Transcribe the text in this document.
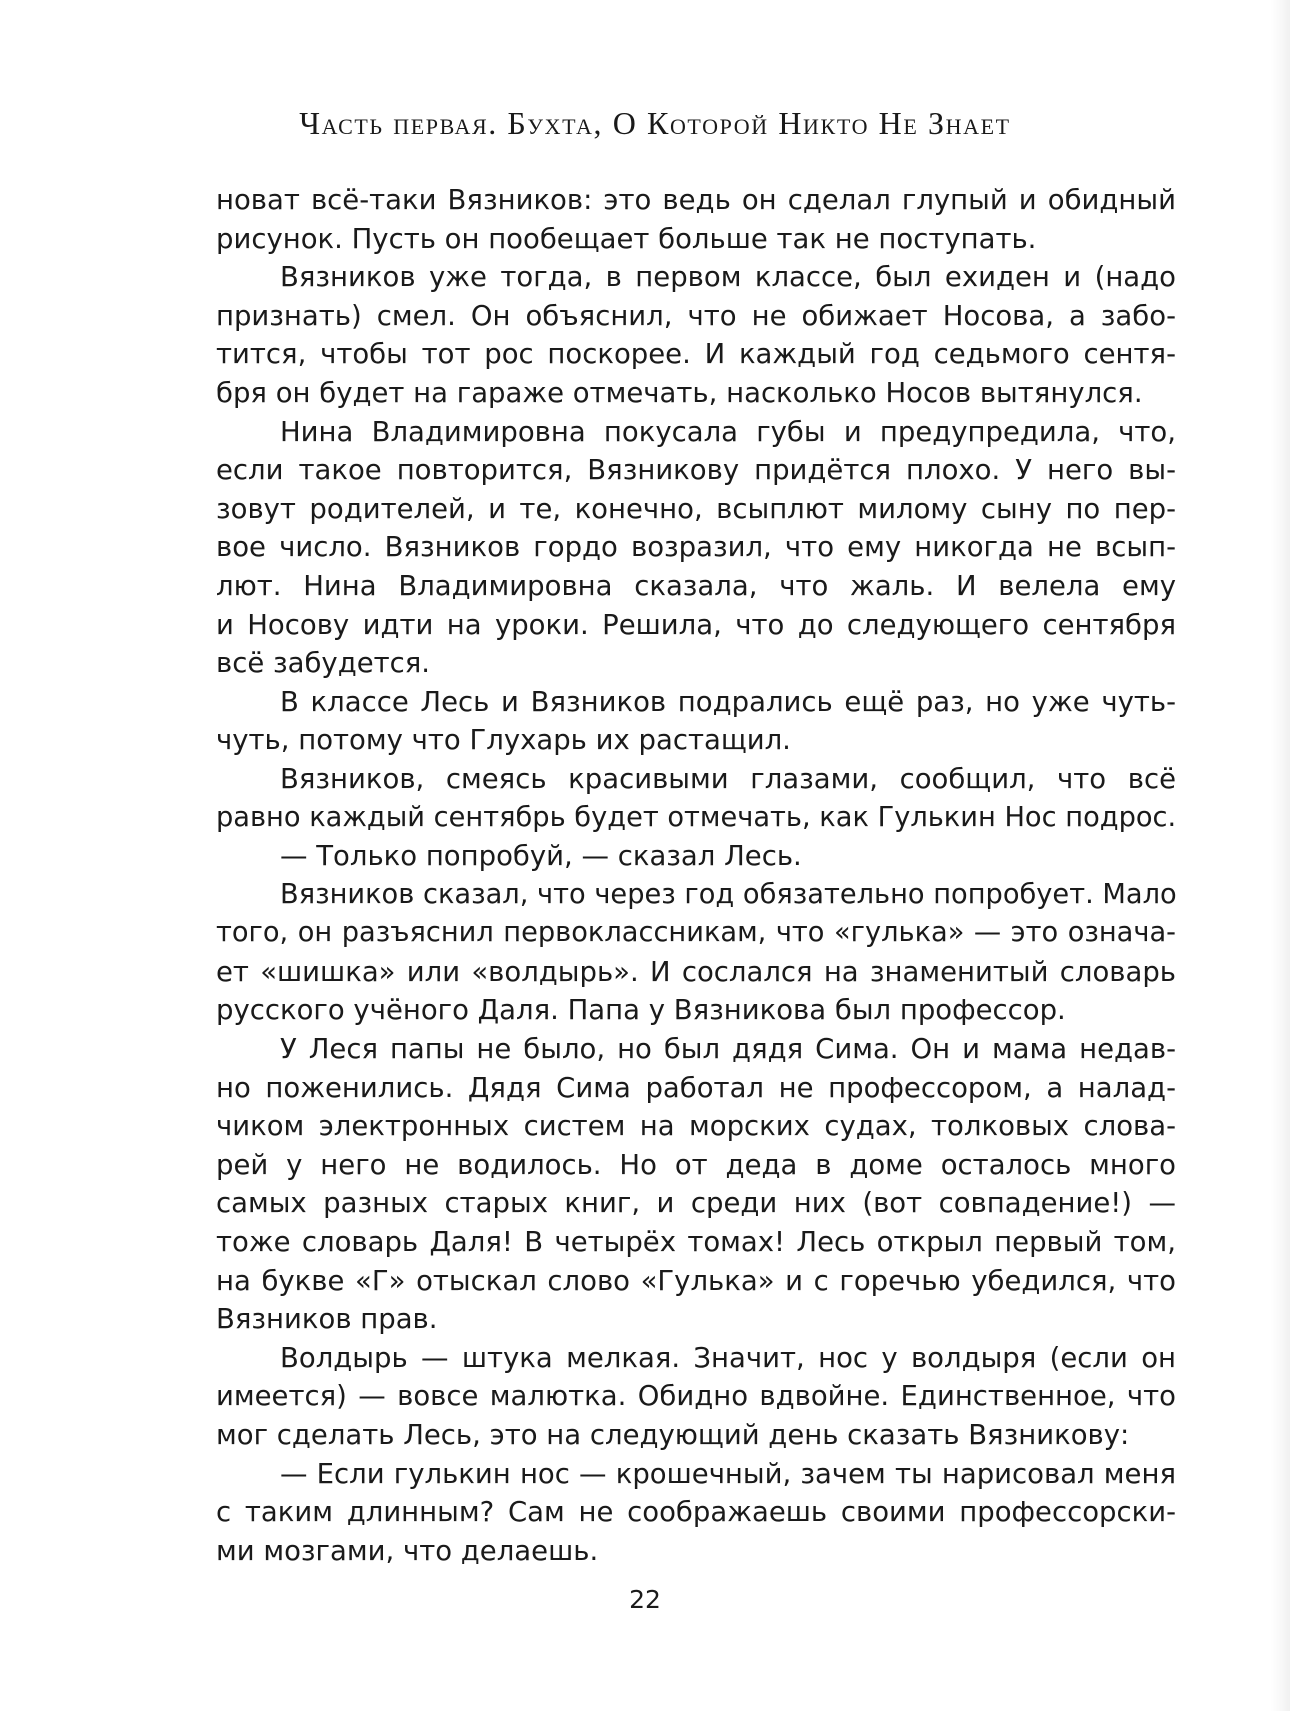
Часть первая. Бухта, О Которой Никто Не Знает
новат всё-таки Вязников: это ведь он сделал глупый и обидный
рисунок. Пусть он пообещает больше так не поступать.
Вязников уже тогда, в первом классе, был ехиден и (надо
признать) смел. Он объяснил, что не обижает Носова, а забо-
тится, чтобы тот рос поскорее. И каждый год седьмого сентя-
бря он будет на гараже отмечать, насколько Носов вытянулся.
Нина Владимировна покусала губы и предупредила, что,
если такое повторится, Вязникову придётся плохо. У него вы-
зовут родителей, и те, конечно, всыплют милому сыну по пер-
вое число. Вязников гордо возразил, что ему никогда не всып-
лют. Нина Владимировна сказала, что жаль. И велела ему
и Носову идти на уроки. Решила, что до следующего сентября
всё забудется.
В классе Лесь и Вязников подрались ещё раз, но уже чуть-
чуть, потому что Глухарь их растащил.
Вязников, смеясь красивыми глазами, сообщил, что всё
равно каждый сентябрь будет отмечать, как Гулькин Нос подрос.
— Только попробуй, — сказал Лесь.
Вязников сказал, что через год обязательно попробует. Мало
того, он разъяснил первоклассникам, что «гулька» — это означа-
ет «шишка» или «волдырь». И сослался на знаменитый словарь
русского учёного Даля. Папа у Вязникова был профессор.
У Леся папы не было, но был дядя Сима. Он и мама недав-
но поженились. Дядя Сима работал не профессором, а налад-
чиком электронных систем на морских судах, толковых слова-
рей у него не водилось. Но от деда в доме осталось много
самых разных старых книг, и среди них (вот совпадение!) —
тоже словарь Даля! В четырёх томах! Лесь открыл первый том,
на букве «Г» отыскал слово «Гулька» и с горечью убедился, что
Вязников прав.
Волдырь — штука мелкая. Значит, нос у волдыря (если он
имеется) — вовсе малютка. Обидно вдвойне. Единственное, что
мог сделать Лесь, это на следующий день сказать Вязникову:
— Если гулькин нос — крошечный, зачем ты нарисовал меня
с таким длинным? Сам не соображаешь своими профессорски-
ми мозгами, что делаешь.
22
